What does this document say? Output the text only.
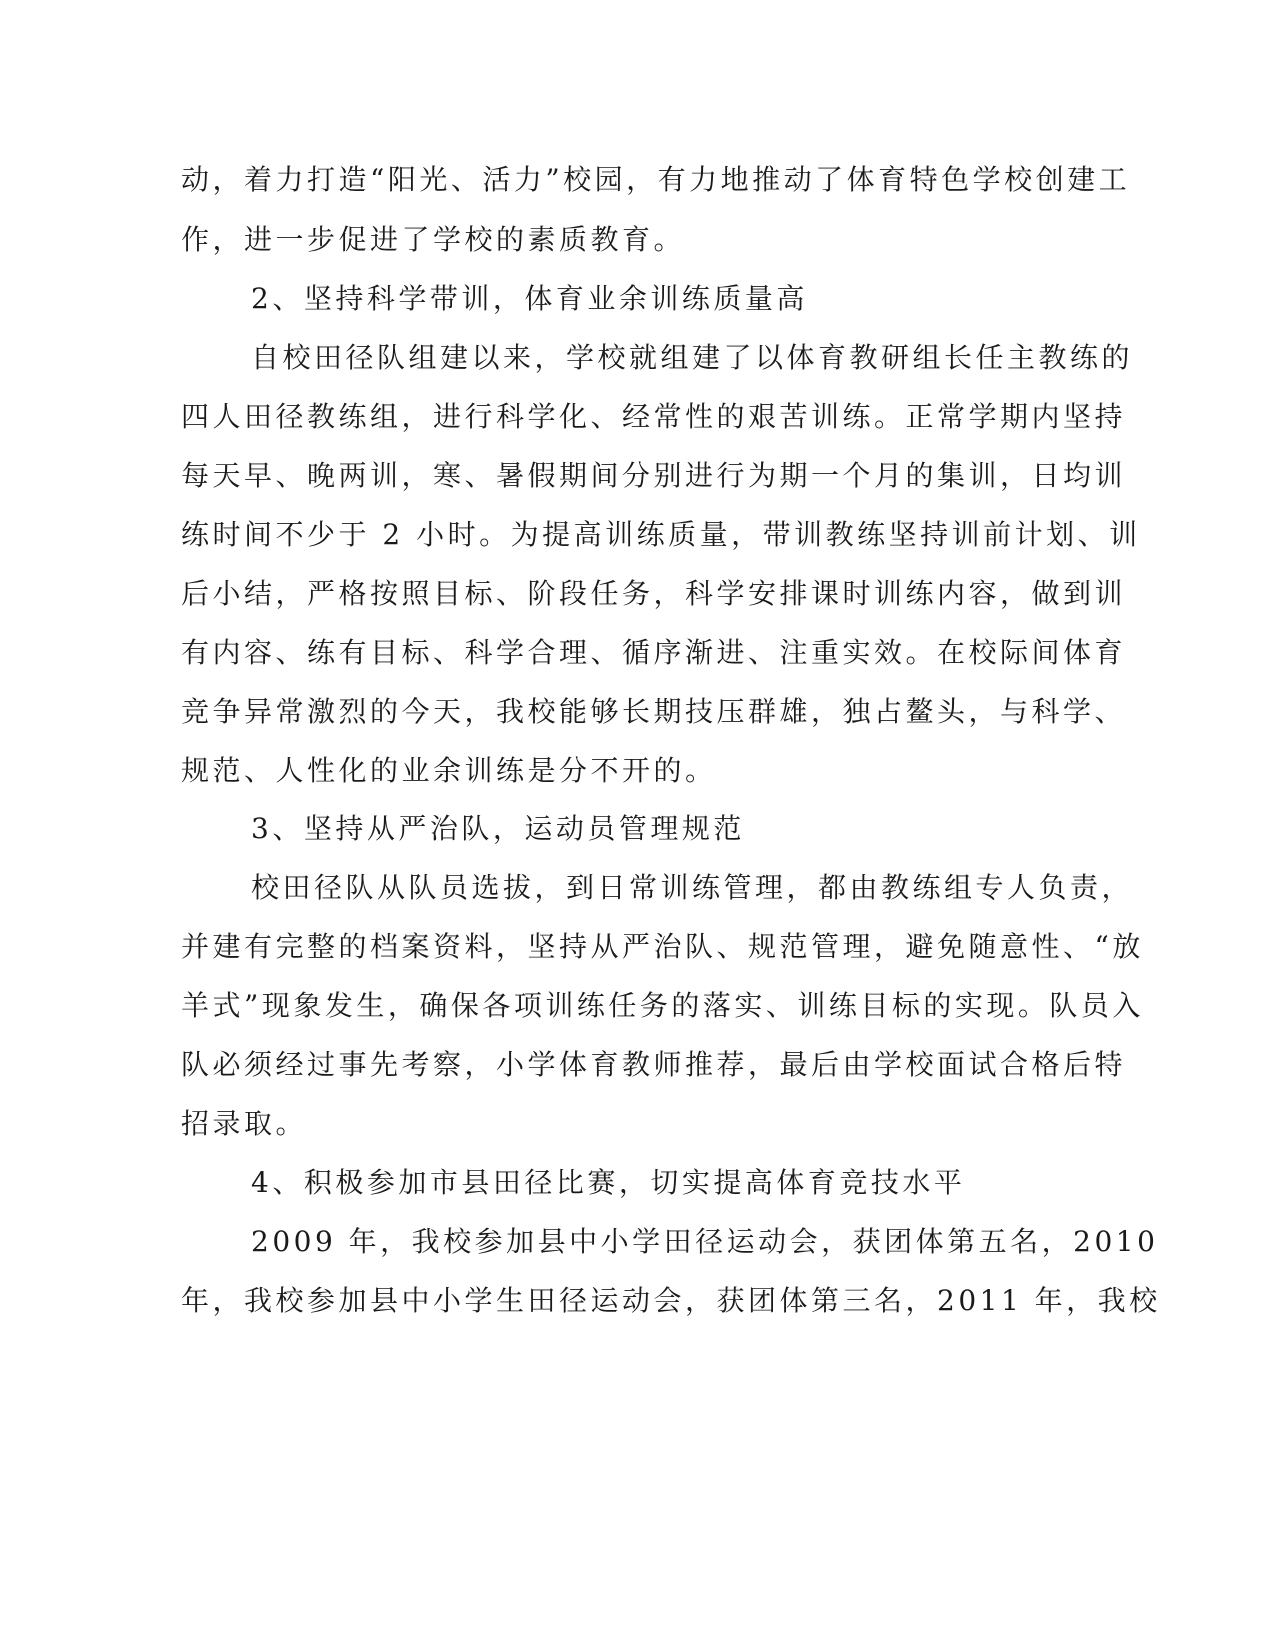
动，着力打造“阳光、活力”校园，有力地推动了体育特色学校创建工
作，进一步促进了学校的素质教育。
2、坚持科学带训，体育业余训练质量高
自校田径队组建以来，学校就组建了以体育教研组长任主教练的
四人田径教练组，进行科学化、经常性的艰苦训练。正常学期内坚持
每天早、晚两训，寒、暑假期间分别进行为期一个月的集训，日均训
练时间不少于 2 小时。为提高训练质量，带训教练坚持训前计划、训
后小结，严格按照目标、阶段任务，科学安排课时训练内容，做到训
有内容、练有目标、科学合理、循序渐进、注重实效。在校际间体育
竞争异常激烈的今天，我校能够长期技压群雄，独占鳌头，与科学、
规范、人性化的业余训练是分不开的。
3、坚持从严治队，运动员管理规范
校田径队从队员选拔，到日常训练管理，都由教练组专人负责，
并建有完整的档案资料，坚持从严治队、规范管理，避免随意性、“放
羊式”现象发生，确保各项训练任务的落实、训练目标的实现。队员入
队必须经过事先考察，小学体育教师推荐，最后由学校面试合格后特
招录取。
4、积极参加市县田径比赛，切实提高体育竞技水平
2009 年，我校参加县中小学田径运动会，获团体第五名，2010
年，我校参加县中小学生田径运动会，获团体第三名，2011 年，我校
